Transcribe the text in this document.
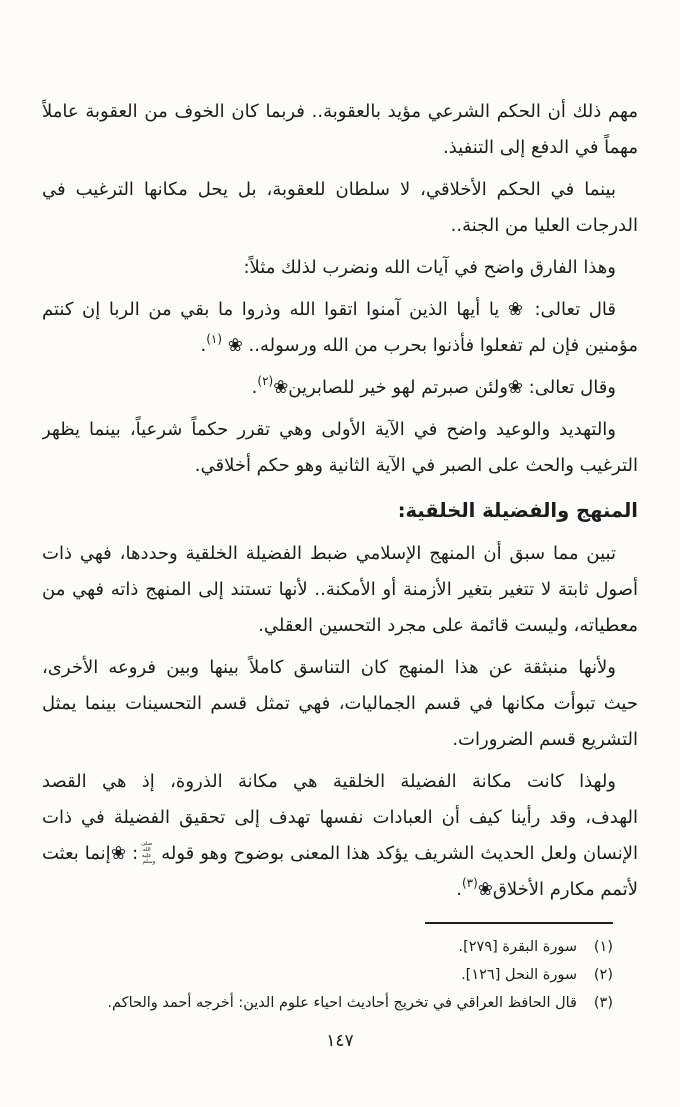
مهم ذلك أن الحكم الشرعي مؤيد بالعقوبة.. فربما كان الخوف من العقوبة عاملاً
مهماً في الدفع إلى التنفيذ.
بينما في الحكم الأخلاقي، لا سلطان للعقوبة، بل يحل مكانها الترغيب في
الدرجات العليا من الجنة..
وهذا الفارق واضح في آيات الله ونضرب لذلك مثلاً:
قال تعالى: ❀ يا أيها الذين آمنوا اتقوا الله وذروا ما بقي من الربا إن كنتم
مؤمنين فإن لم تفعلوا فأذنوا بحرب من الله ورسوله.. ❀ (١).
وقال تعالى: ❀ولئن صبرتم لهو خير للصابرين❀(٢).
والتهديد والوعيد واضح في الآية الأولى وهي تقرر حكماً شرعياً، بينما يظهر
الترغيب والحث على الصبر في الآية الثانية وهو حكم أخلاقي.
المنهج والفضيلة الخلقية:
تبين مما سبق أن المنهج الإسلامي ضبط الفضيلة الخلقية وحددها، فهي ذات
أصول ثابتة لا تتغير بتغير الأزمنة أو الأمكنة.. لأنها تستند إلى المنهج ذاته فهي من
معطياته، وليست قائمة على مجرد التحسين العقلي.
ولأنها منبثقة عن هذا المنهج كان التناسق كاملاً بينها وبين فروعه الأخرى،
حيث تبوأت مكانها في قسم الجماليات، فهي تمثل قسم التحسينات بينما يمثل
التشريع قسم الضرورات.
ولهذا كانت مكانة الفضيلة الخلقية هي مكانة الذروة، إذ هي القصد
الهدف، وقد رأينا كيف أن العبادات نفسها تهدف إلى تحقيق الفضيلة في ذات
الإنسان ولعل الحديث الشريف يؤكد هذا المعنى بوضوح وهو قوله صلى الله عليه وسلم: ❀إنما بعثت
لأتمم مكارم الأخلاق❀(٣).
(١)
سورة البقرة [٢٧٩].
(٢)
سورة النحل [١٢٦].
(٣)
قال الحافظ العراقي في تخريج أحاديث احياء علوم الدين: أخرجه أحمد والحاكم.
١٤٧
